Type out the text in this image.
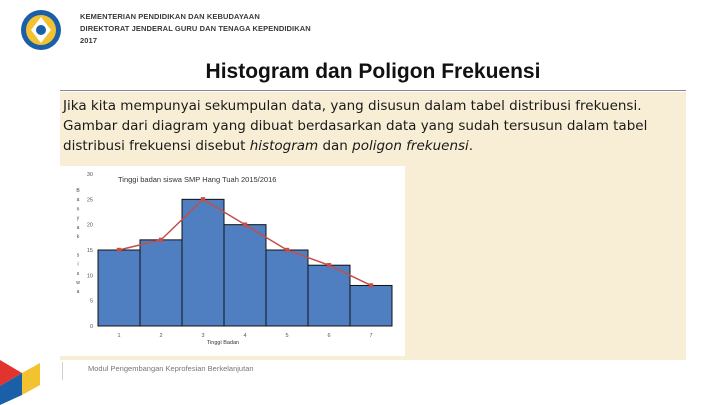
KEMENTERIAN PENDIDIKAN DAN KEBUDAYAAN
DIREKTORAT JENDERAL GURU DAN TENAGA KEPENDIDIKAN
2017
Histogram dan Poligon Frekuensi
Jika kita mempunyai sekumpulan data, yang disusun dalam tabel distribusi frekuensi. Gambar dari diagram yang dibuat berdasarkan data yang sudah tersusun dalam tabel distribusi frekuensi disebut histogram dan poligon frekuensi.
Tinggi badan siswa SMP Hang Tuah 2015/2016
B
a
n
y
a
k
s
i
s
w
a
0
5
10
15
20
25
30
1	2	3	4	5	6	7
Tinggi Badan
Modul Pengembangan Keprofesian Berkelanjutan
